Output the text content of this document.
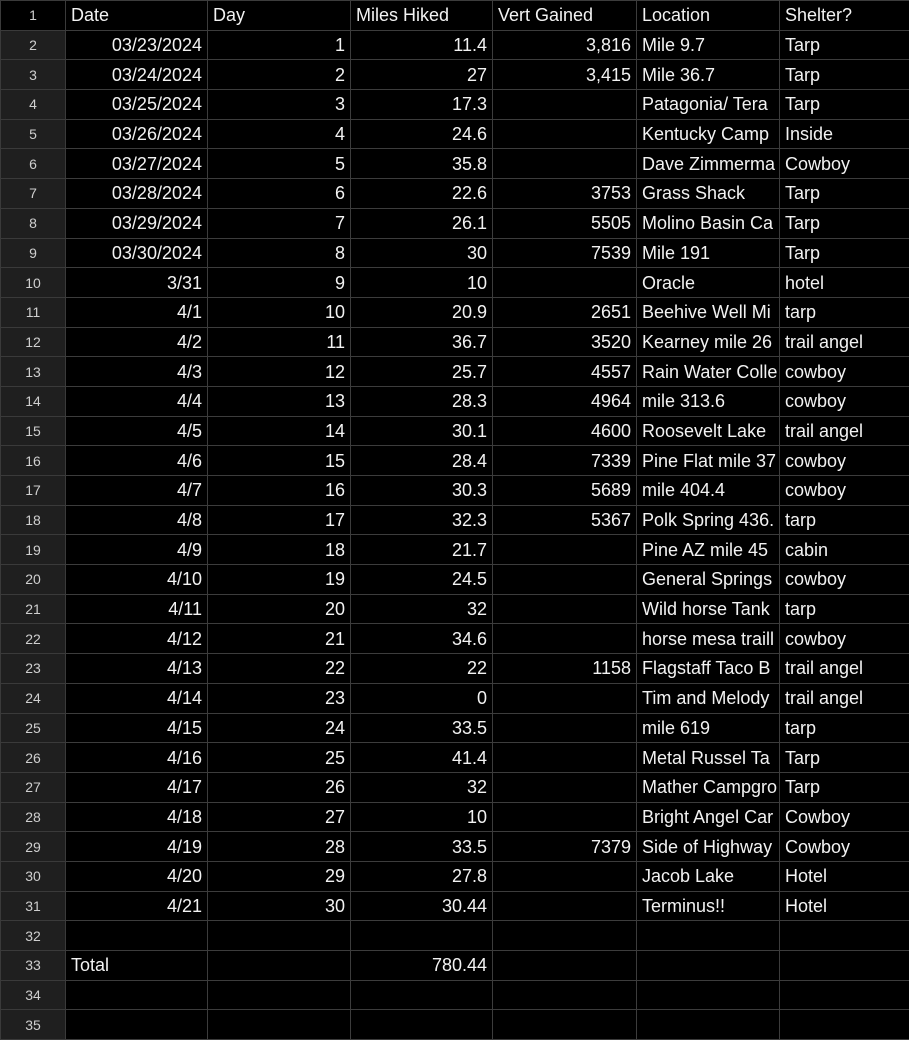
1	Date	Day	Miles Hiked	Vert Gained	Location	Shelter?
2	03/23/2024	1	11.4	3,816	Mile 9.7	Tarp
3	03/24/2024	2	27	3,415	Mile 36.7	Tarp
4	03/25/2024	3	17.3		Patagonia/ Tera	Tarp
5	03/26/2024	4	24.6		Kentucky Camp	Inside
6	03/27/2024	5	35.8		Dave Zimmerma	Cowboy
7	03/28/2024	6	22.6	3753	Grass Shack	Tarp
8	03/29/2024	7	26.1	5505	Molino Basin Ca	Tarp
9	03/30/2024	8	30	7539	Mile 191	Tarp
10	3/31	9	10		Oracle	hotel
11	4/1	10	20.9	2651	Beehive Well Mi	tarp
12	4/2	11	36.7	3520	Kearney mile 26	trail angel
13	4/3	12	25.7	4557	Rain Water Colle	cowboy
14	4/4	13	28.3	4964	mile 313.6	cowboy
15	4/5	14	30.1	4600	Roosevelt Lake	trail angel
16	4/6	15	28.4	7339	Pine Flat mile 37	cowboy
17	4/7	16	30.3	5689	mile 404.4	cowboy
18	4/8	17	32.3	5367	Polk Spring 436.	tarp
19	4/9	18	21.7		Pine AZ mile 45	cabin
20	4/10	19	24.5		General Springs	cowboy
21	4/11	20	32		Wild horse Tank	tarp
22	4/12	21	34.6		horse mesa traill	cowboy
23	4/13	22	22	1158	Flagstaff Taco B	trail angel
24	4/14	23	0		Tim and Melody	trail angel
25	4/15	24	33.5		mile 619	tarp
26	4/16	25	41.4		Metal Russel Ta	Tarp
27	4/17	26	32		Mather Campgro	Tarp
28	4/18	27	10		Bright Angel Car	Cowboy
29	4/19	28	33.5	7379	Side of Highway	Cowboy
30	4/20	29	27.8		Jacob Lake	Hotel
31	4/21	30	30.44		Terminus!!	Hotel
32						
33	Total		780.44			
34						
35						
